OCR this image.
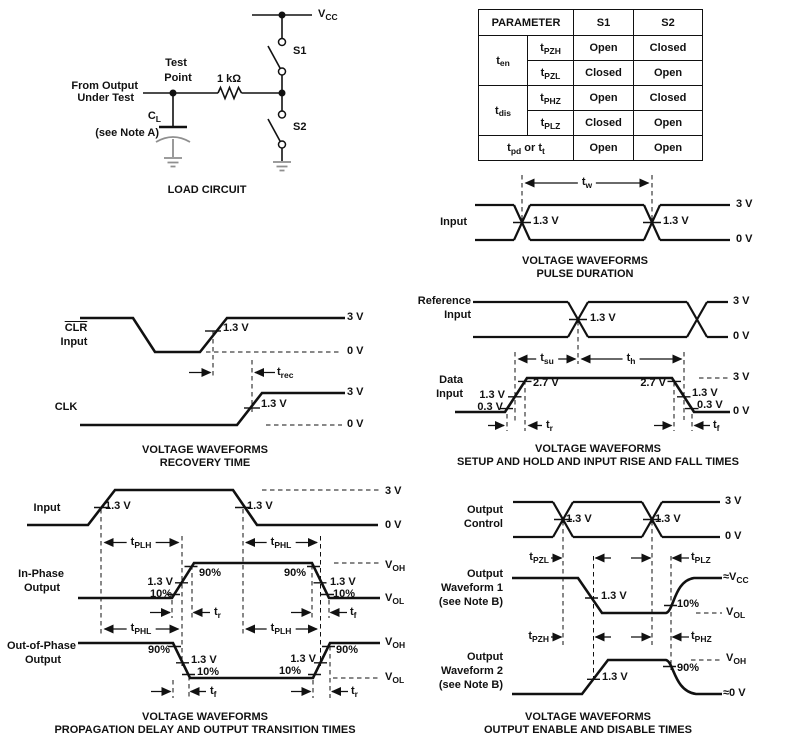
PARAMETER		S1	S2
$t_{en}$	$t_{PZH}$	Open	Closed
	$t_{PZL}$	Closed	Open
$t_{dis}$	$t_{PHZ}$	Open	Closed
	$t_{PLZ}$	Closed	Open
$t_{pd}$ or $t_t$		Open	Open
$V_{CC}$
S1
S2
1 kΩ
Test
Point
From Output
Under Test
$C_L$
(see Note A)
LOAD CIRCUIT
Input	1.3 V	1.3 V
$t_w$
3 V
0 V
VOLTAGE WAVEFORMS
PULSE DURATION
$\overline{CLR}$
Input
1.3 V
$t_{rec}$
3 V
0 V
CLK	1.3 V
3 V
0 V
VOLTAGE WAVEFORMS
RECOVERY TIME
Reference
Input	1.3 V
$t_{su}$	$t_h$
3 V
0 V
Data
Input 1.3 V
0.3 V
2.7 V	2.7 V
1.3 V
0.3 V
$t_r$	$t_f$
3 V
0 V
VOLTAGE WAVEFORMS
SETUP AND HOLD AND INPUT RISE AND FALL TIMES
Input	1.3 V	1.3 V
3 V
0 V
$t_{PLH}$	$t_{PHL}$
In-Phase
Output	1.3 V
10%
90%	90%
1.3 V
10%
$V_{OH}$
$V_{OL}$
$t_r$	$t_f$
$t_{PHL}$	$t_{PLH}$
Out-of-Phase
Output
90%
1.3 V
10%
1.3 V
10%
90%
$V_{OH}$
$V_{OL}$
$t_f$	$t_r$
VOLTAGE WAVEFORMS
PROPAGATION DELAY AND OUTPUT TRANSITION TIMES
Output
Control	1.3 V	1.3 V
3 V
0 V
$t_{PZL}$	$t_{PLZ}$
Output
Waveform 1
(see Note B)	1.3 V
10%
$\approx V_{CC}$
$V_{OL}$
$t_{PZH}$	$t_{PHZ}$
Output
Waveform 2
(see Note B)
1.3 V
90%
$V_{OH}$
≈0 V
VOLTAGE WAVEFORMS
OUTPUT ENABLE AND DISABLE TIMES
